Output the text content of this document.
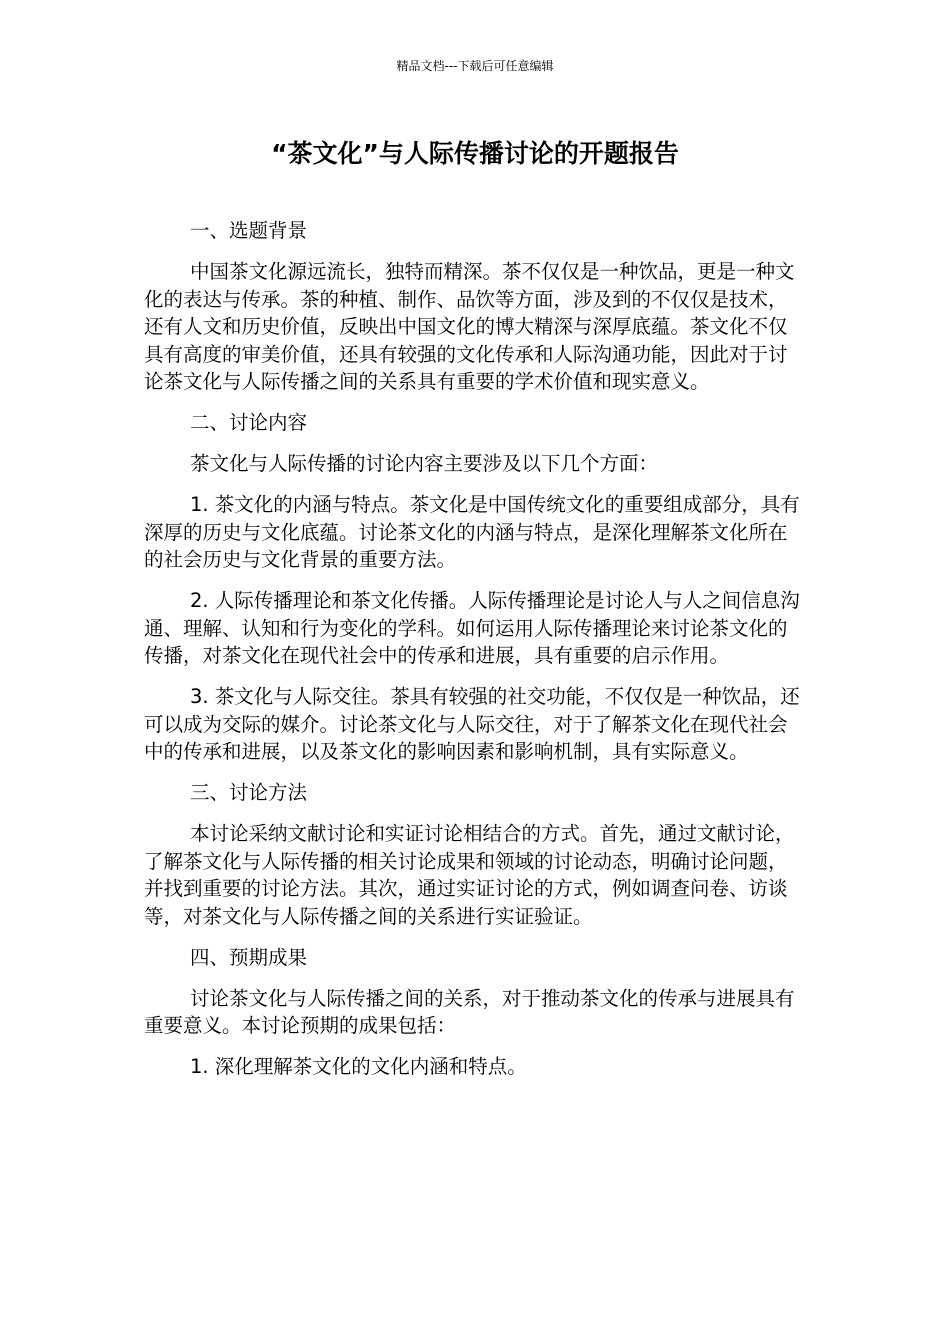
精品文档---下载后可任意编辑
“茶文化”与人际传播讨论的开题报告
一、选题背景
中国茶文化源远流长，独特而精深。茶不仅仅是一种饮品，更是一种文化的表达与传承。茶的种植、制作、品饮等方面，涉及到的不仅仅是技术，还有人文和历史价值，反映出中国文化的博大精深与深厚底蕴。茶文化不仅具有高度的审美价值，还具有较强的文化传承和人际沟通功能，因此对于讨论茶文化与人际传播之间的关系具有重要的学术价值和现实意义。
二、讨论内容
茶文化与人际传播的讨论内容主要涉及以下几个方面：
1. 茶文化的内涵与特点。茶文化是中国传统文化的重要组成部分，具有深厚的历史与文化底蕴。讨论茶文化的内涵与特点，是深化理解茶文化所在的社会历史与文化背景的重要方法。
2. 人际传播理论和茶文化传播。人际传播理论是讨论人与人之间信息沟通、理解、认知和行为变化的学科。如何运用人际传播理论来讨论茶文化的传播，对茶文化在现代社会中的传承和进展，具有重要的启示作用。
3. 茶文化与人际交往。茶具有较强的社交功能，不仅仅是一种饮品，还可以成为交际的媒介。讨论茶文化与人际交往，对于了解茶文化在现代社会中的传承和进展，以及茶文化的影响因素和影响机制，具有实际意义。
三、讨论方法
本讨论采纳文献讨论和实证讨论相结合的方式。首先，通过文献讨论，了解茶文化与人际传播的相关讨论成果和领域的讨论动态，明确讨论问题，并找到重要的讨论方法。其次，通过实证讨论的方式，例如调查问卷、访谈等，对茶文化与人际传播之间的关系进行实证验证。
四、预期成果
讨论茶文化与人际传播之间的关系，对于推动茶文化的传承与进展具有重要意义。本讨论预期的成果包括：
1. 深化理解茶文化的文化内涵和特点。
